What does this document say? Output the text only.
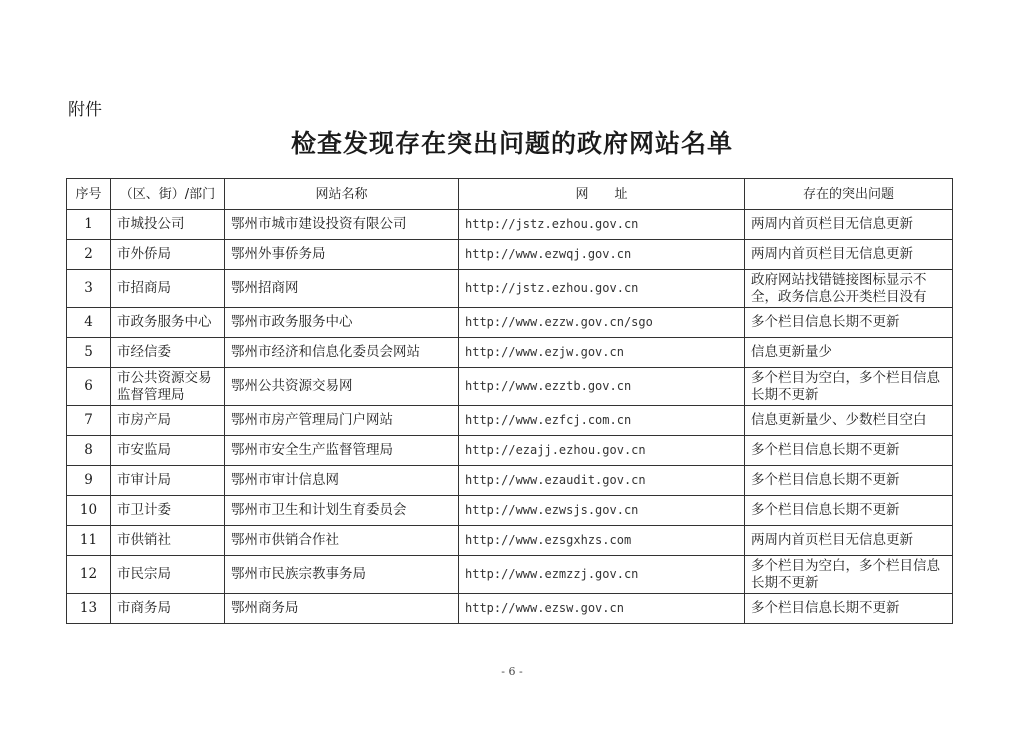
附件
检查发现存在突出问题的政府网站名单
序号	（区、街）/部门	网站名称	网　　址	存在的突出问题
1	市城投公司	鄂州市城市建设投资有限公司	http://jstz.ezhou.gov.cn	两周内首页栏目无信息更新
2	市外侨局	鄂州外事侨务局	http://www.ezwqj.gov.cn	两周内首页栏目无信息更新
3	市招商局	鄂州招商网	http://jstz.ezhou.gov.cn	政府网站找错链接图标显示不全，政务信息公开类栏目没有
4	市政务服务中心	鄂州市政务服务中心	http://www.ezzw.gov.cn/sgo	多个栏目信息长期不更新
5	市经信委	鄂州市经济和信息化委员会网站	http://www.ezjw.gov.cn	信息更新量少
6	市公共资源交易监督管理局	鄂州公共资源交易网	http://www.ezztb.gov.cn	多个栏目为空白，多个栏目信息长期不更新
7	市房产局	鄂州市房产管理局门户网站	http://www.ezfcj.com.cn	信息更新量少、少数栏目空白
8	市安监局	鄂州市安全生产监督管理局	http://ezajj.ezhou.gov.cn	多个栏目信息长期不更新
9	市审计局	鄂州市审计信息网	http://www.ezaudit.gov.cn	多个栏目信息长期不更新
10	市卫计委	鄂州市卫生和计划生育委员会	http://www.ezwsjs.gov.cn	多个栏目信息长期不更新
11	市供销社	鄂州市供销合作社	http://www.ezsgxhzs.com	两周内首页栏目无信息更新
12	市民宗局	鄂州市民族宗教事务局	http://www.ezmzzj.gov.cn	多个栏目为空白，多个栏目信息长期不更新
13	市商务局	鄂州商务局	http://www.ezsw.gov.cn	多个栏目信息长期不更新
- 6 -
